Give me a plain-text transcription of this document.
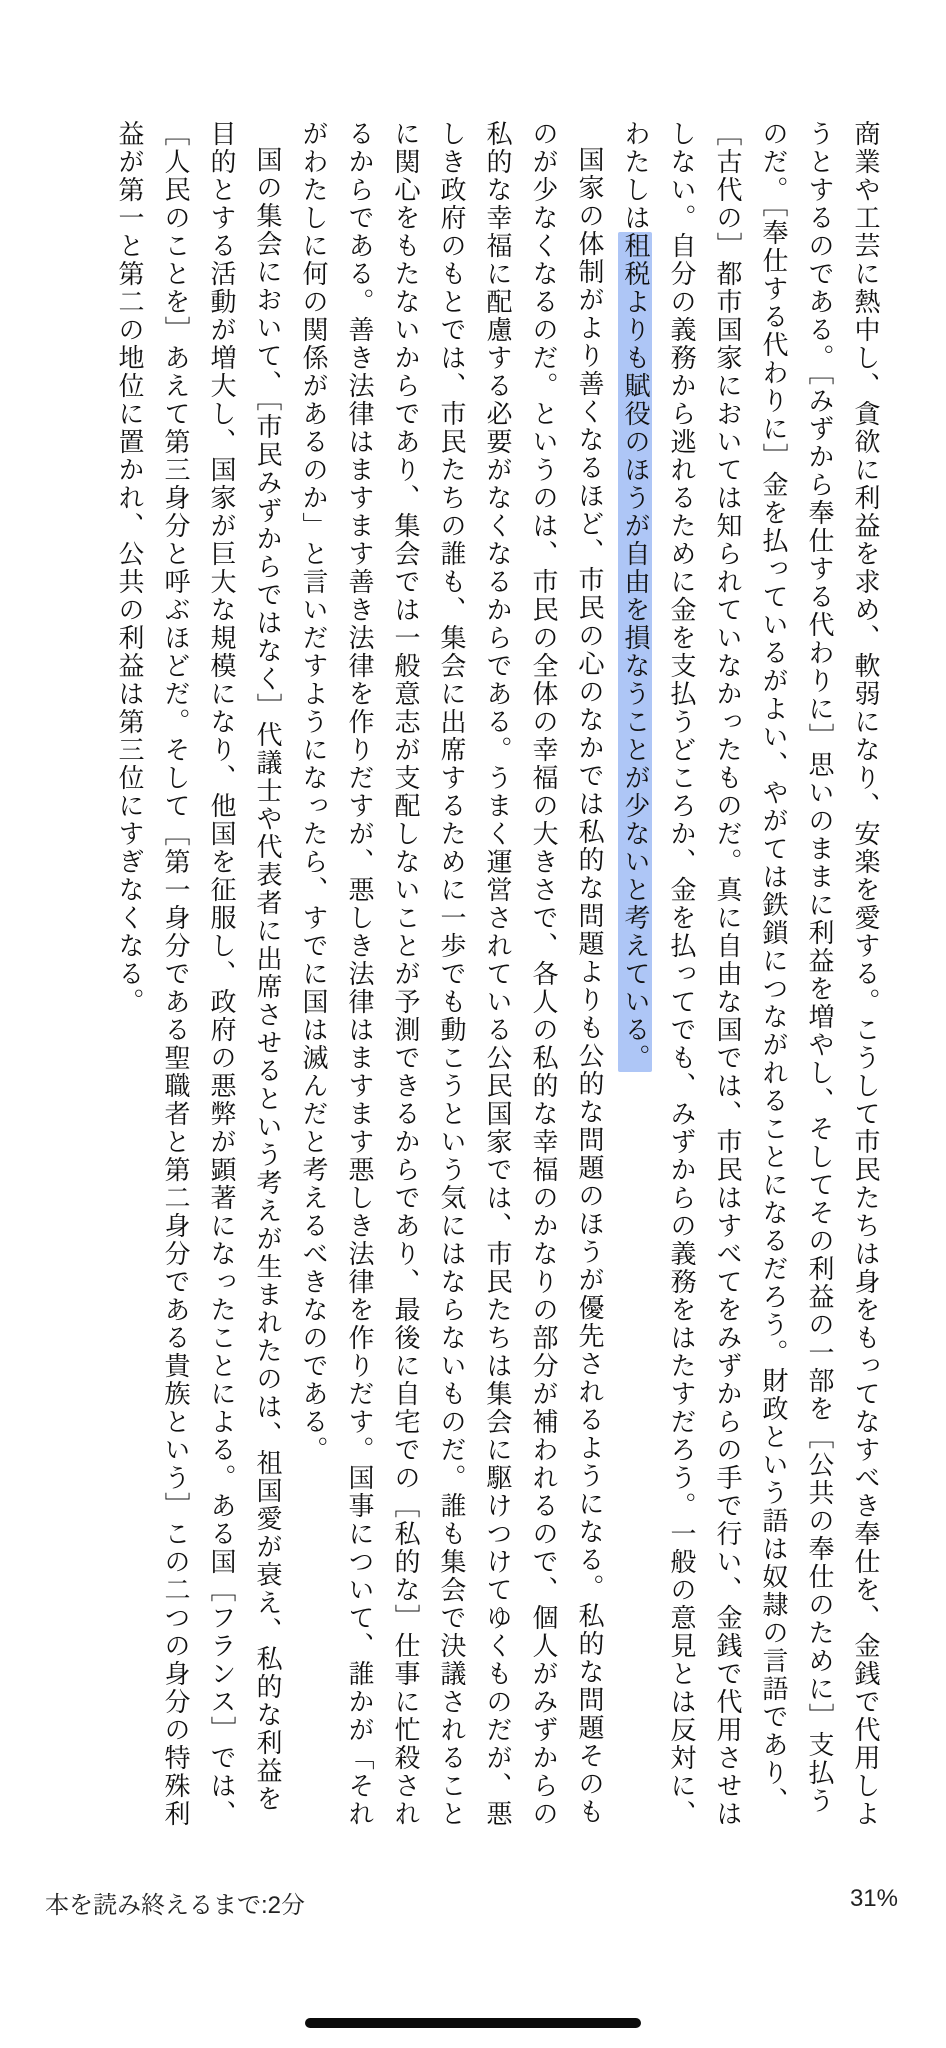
商業や工芸に熱中し、貪欲に利益を求め、軟弱になり、安楽を愛する。こうして市民たちは身をもってなすべき奉仕を、金銭で代用しようとするのである。［みずから奉仕する代わりに］思いのままに利益を増やし、そしてその利益の一部を［公共の奉仕のために］支払うのだ。［奉仕する代わりに］金を払っているがよい、やがては鉄鎖につながれることになるだろう。財政という語は奴隷の言語であり、［古代の］都市国家においては知られていなかったものだ。真に自由な国では、市民はすべてをみずからの手で行い、金銭で代用させはしない。自分の義務から逃れるために金を支払うどころか、金を払ってでも、みずからの義務をはたすだろう。一般の意見とは反対に、わたしは租税よりも賦役のほうが自由を損なうことが少ないと考えている。

国家の体制がより善くなるほど、市民の心のなかでは私的な問題よりも公的な問題のほうが優先されるようになる。私的な問題そのものが少なくなるのだ。というのは、市民の全体の幸福の大きさで、各人の私的な幸福のかなりの部分が補われるので、個人がみずからの私的な幸福に配慮する必要がなくなるからである。うまく運営されている公民国家では、市民たちは集会に駆けつけてゆくものだが、悪しき政府のもとでは、市民たちの誰も、集会に出席するために一歩でも動こうという気にはならないものだ。誰も集会で決議されることに関心をもたないからであり、集会では一般意志が支配しないことが予測できるからであり、最後に自宅での［私的な］仕事に忙殺されるからである。善き法律はますます善き法律を作りだすが、悪しき法律はますます悪しき法律を作りだす。国事について、誰かが「それがわたしに何の関係があるのか」と言いだすようになったら、すでに国は滅んだと考えるべきなのである。

国の集会において、［市民みずからではなく］代議士や代表者に出席させるという考えが生まれたのは、祖国愛が衰え、私的な利益を目的とする活動が増大し、国家が巨大な規模になり、他国を征服し、政府の悪弊が顕著になったことによる。ある国［フランス］では、［人民のことを］あえて第三身分と呼ぶほどだ。そして［第一身分である聖職者と第二身分である貴族という］この二つの身分の特殊利益が第一と第二の地位に置かれ、公共の利益は第三位にすぎなくなる。

本を読み終えるまで:2分	31%
